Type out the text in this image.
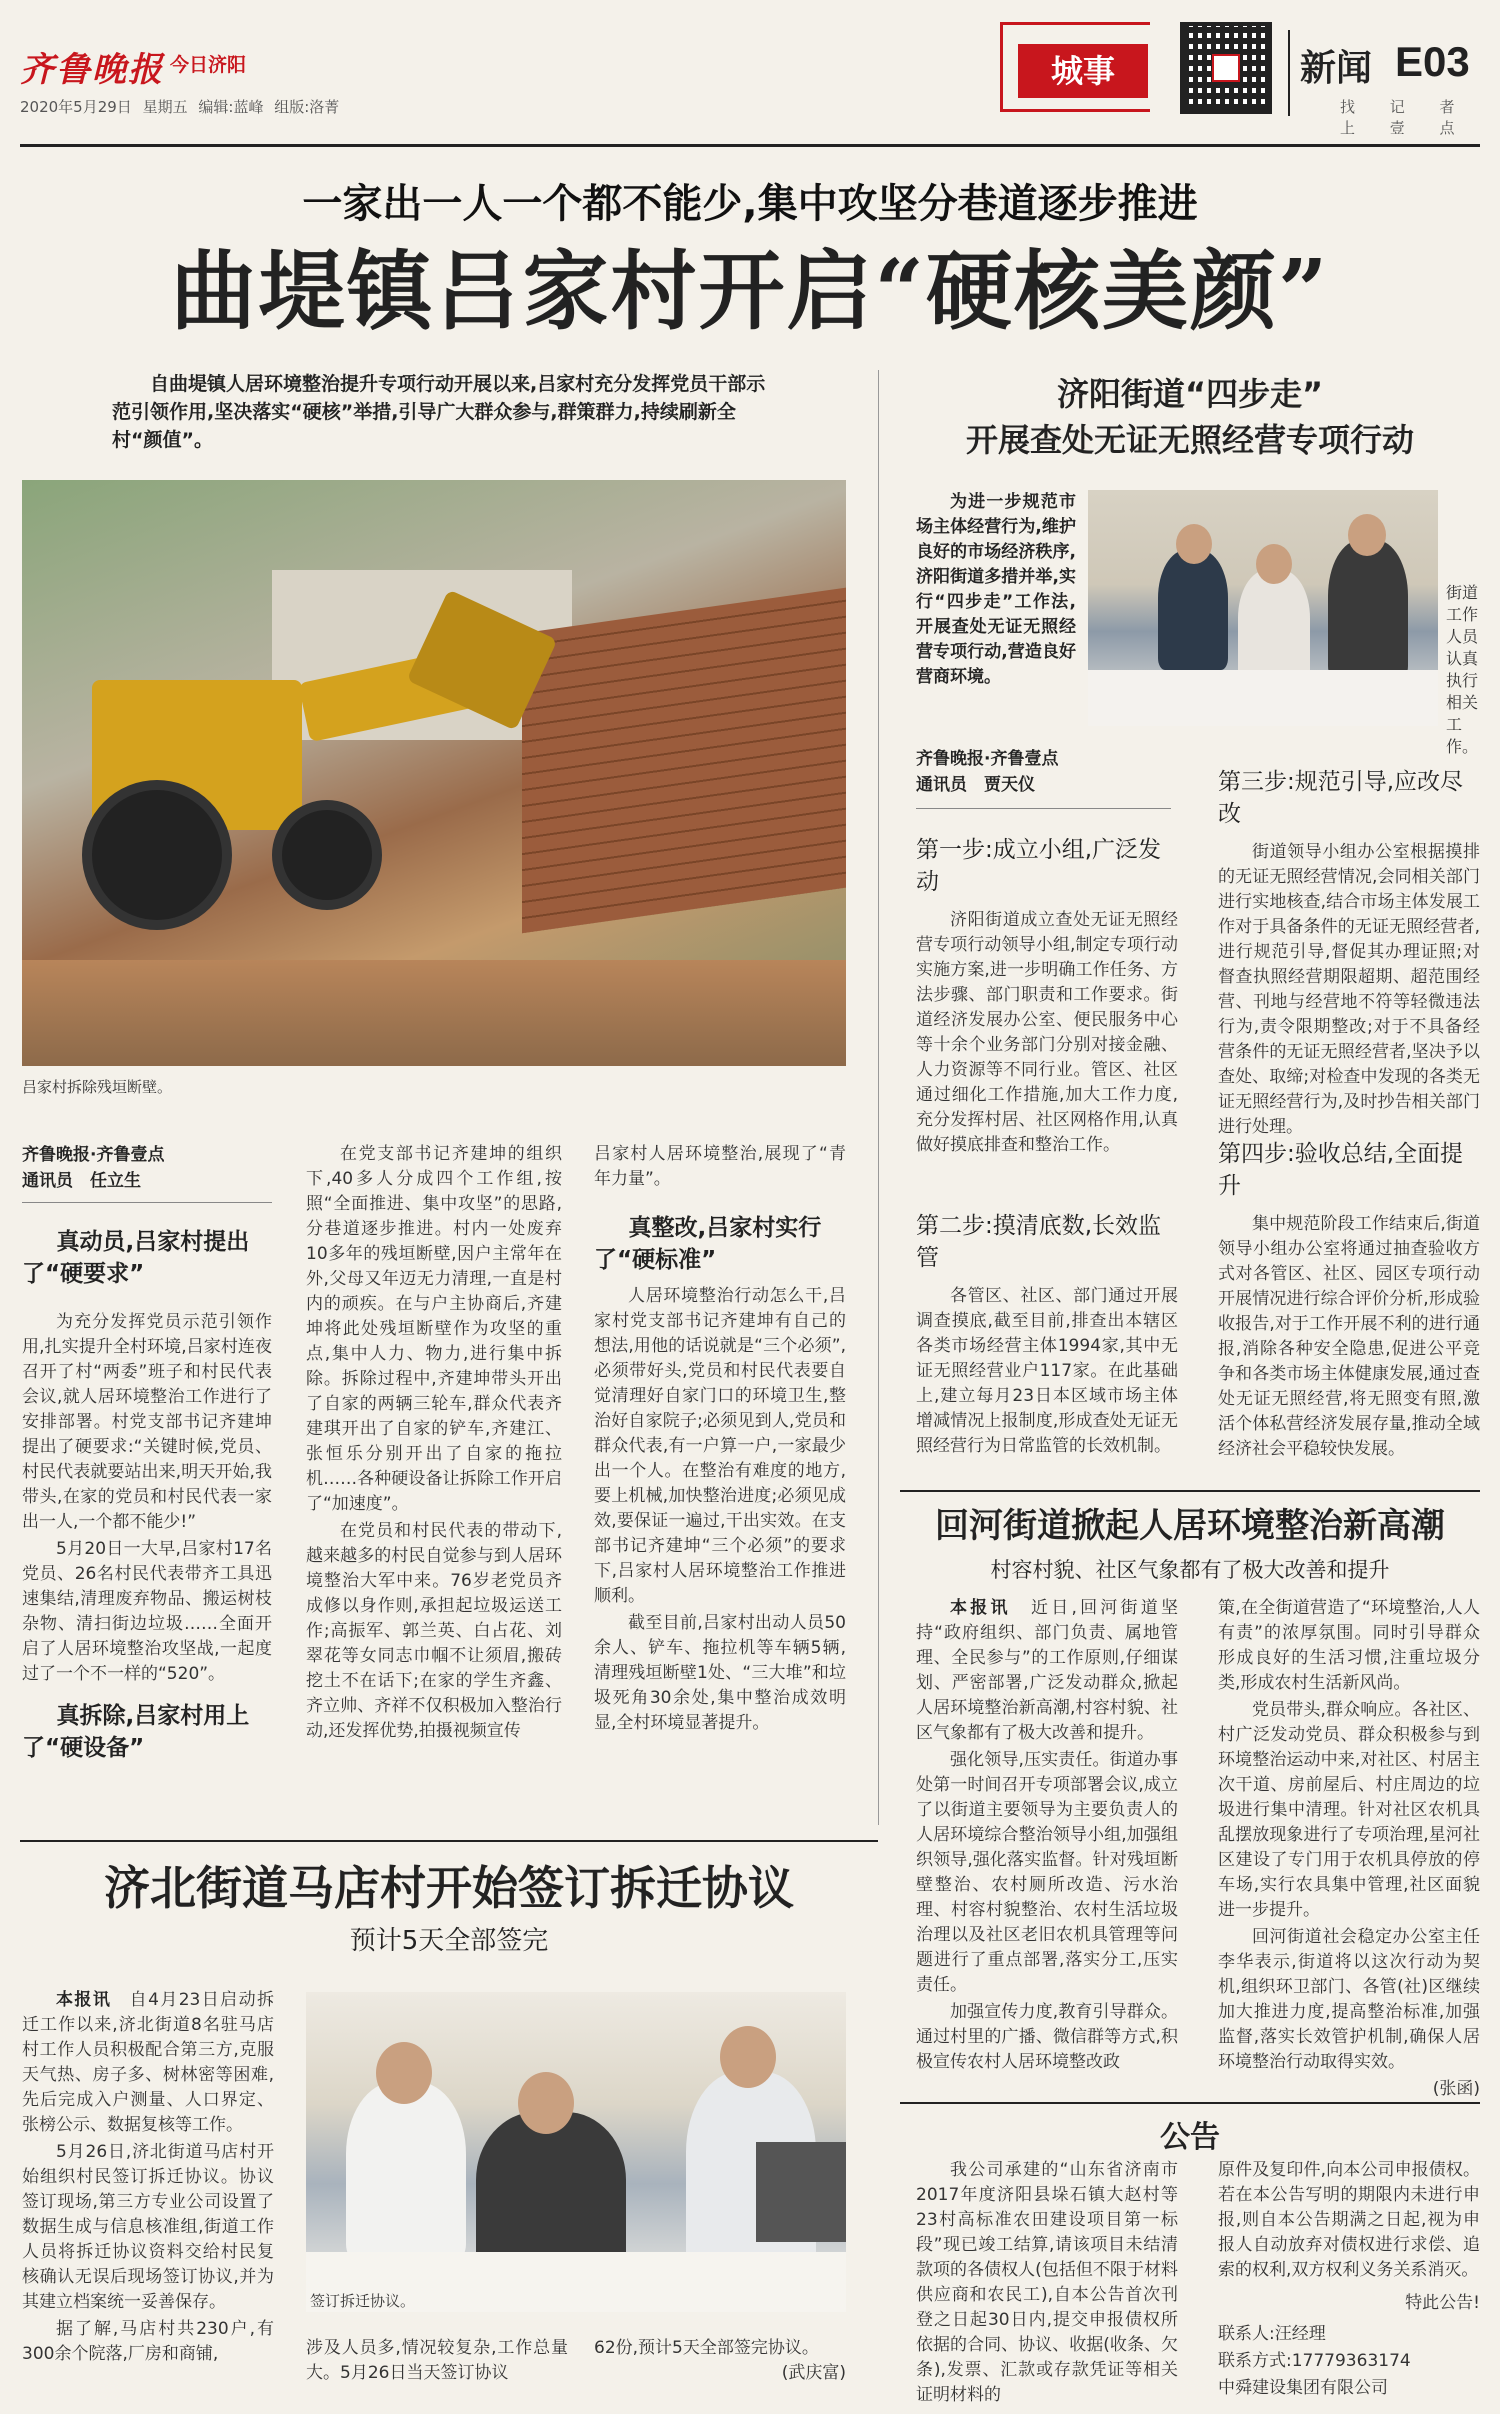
齐鲁晚报 今日济阳
2020年5月29日 星期五 编辑:蓝峰 组版:洛菁
城事	新闻 E03
找 记 者 上 壹 点
一家出一人一个都不能少,集中攻坚分巷道逐步推进
曲堤镇吕家村开启“硬核美颜”
自曲堤镇人居环境整治提升专项行动开展以来,吕家村充分发挥党员干部示范引领作用,坚决落实“硬核”举措,引导广大群众参与,群策群力,持续刷新全村“颜值”。
吕家村拆除残垣断壁。
齐鲁晚报·齐鲁壹点
通讯员　任立生
真动员,吕家村提出了“硬要求”

为充分发挥党员示范引领作用,扎实提升全村环境,吕家村连夜召开了村“两委”班子和村民代表会议,就人居环境整治工作进行了安排部署。村党支部书记齐建坤提出了硬要求:“关键时候,党员、村民代表就要站出来,明天开始,我带头,在家的党员和村民代表一家出一人,一个都不能少!”

5月20日一大早,吕家村17名党员、26名村民代表带齐工具迅速集结,清理废弃物品、搬运树枝杂物、清扫街边垃圾……全面开启了人居环境整治攻坚战,一起度过了一个不一样的“520”。

真拆除,吕家村用上了“硬设备”

在党支部书记齐建坤的组织下,40多人分成四个工作组,按照“全面推进、集中攻坚”的思路,分巷道逐步推进。村内一处废弃10多年的残垣断壁,因户主常年在外,父母又年迈无力清理,一直是村内的顽疾。在与户主协商后,齐建坤将此处残垣断壁作为攻坚的重点,集中人力、物力,进行集中拆除。拆除过程中,齐建坤带头开出了自家的两辆三轮车,群众代表齐建琪开出了自家的铲车,齐建江、张恒乐分别开出了自家的拖拉机……各种硬设备让拆除工作开启了“加速度”。

在党员和村民代表的带动下,越来越多的村民自觉参与到人居环境整治大军中来。76岁老党员齐成修以身作则,承担起垃圾运送工作;高振军、郭兰英、白占花、刘翠花等女同志巾帼不让须眉,搬砖挖土不在话下;在家的学生齐鑫、齐立帅、齐祥不仅积极加入整治行动,还发挥优势,拍摄视频宣传

吕家村人居环境整治,展现了“青年力量”。
真整改,吕家村实行了“硬标准”

人居环境整治行动怎么干,吕家村党支部书记齐建坤有自己的想法,用他的话说就是“三个必须”,必须带好头,党员和村民代表要自觉清理好自家门口的环境卫生,整治好自家院子;必须见到人,党员和群众代表,有一户算一户,一家最少出一个人。在整治有难度的地方,要上机械,加快整治进度;必须见成效,要保证一遍过,干出实效。在支部书记齐建坤“三个必须”的要求下,吕家村人居环境整治工作推进顺利。

截至目前,吕家村出动人员50余人、铲车、拖拉机等车辆5辆,清理残垣断壁1处、“三大堆”和垃圾死角30余处,集中整治成效明显,全村环境显著提升。

济阳街道“四步走”
开展查处无证无照经营专项行动
为进一步规范市场主体经营行为,维护良好的市场经济秩序,济阳街道多措并举,实行“四步走”工作法,开展查处无证无照经营专项行动,营造良好营商环境。
街道工作人员认真执行相关工作。
齐鲁晚报·齐鲁壹点
通讯员　贾天仪
第一步:成立小组,广泛发动
济阳街道成立查处无证无照经营专项行动领导小组,制定专项行动实施方案,进一步明确工作任务、方法步骤、部门职责和工作要求。街道经济发展办公室、便民服务中心等十余个业务部门分别对接金融、人力资源等不同行业。管区、社区通过细化工作措施,加大工作力度,充分发挥村居、社区网格作用,认真做好摸底排查和整治工作。
第二步:摸清底数,长效监管
各管区、社区、部门通过开展调查摸底,截至目前,排查出本辖区各类市场经营主体1994家,其中无证无照经营业户117家。在此基础上,建立每月23日本区域市场主体增减情况上报制度,形成查处无证无照经营行为日常监管的长效机制。
第三步:规范引导,应改尽改
街道领导小组办公室根据摸排的无证无照经营情况,会同相关部门进行实地核查,结合市场主体发展工作对于具备条件的无证无照经营者,进行规范引导,督促其办理证照;对督查执照经营期限超期、超范围经营、刊地与经营地不符等轻微违法行为,责令限期整改;对于不具备经营条件的无证无照经营者,坚决予以查处、取缔;对检查中发现的各类无证无照经营行为,及时抄告相关部门进行处理。
第四步:验收总结,全面提升
集中规范阶段工作结束后,街道领导小组办公室将通过抽查验收方式对各管区、社区、园区专项行动开展情况进行综合评价分析,形成验收报告,对于工作开展不利的进行通报,消除各种安全隐患,促进公平竞争和各类市场主体健康发展,通过查处无证无照经营,将无照变有照,激活个体私营经济发展存量,推动全域经济社会平稳较快发展。
回河街道掀起人居环境整治新高潮
村容村貌、社区气象都有了极大改善和提升

本报讯　 近日,回河街道坚持“政府组织、部门负责、属地管理、全民参与”的工作原则,仔细谋划、严密部署,广泛发动群众,掀起人居环境整治新高潮,村容村貌、社区气象都有了极大改善和提升。

强化领导,压实责任。街道办事处第一时间召开专项部署会议,成立了以街道主要领导为主要负责人的人居环境综合整治领导小组,加强组织领导,强化落实监督。针对残垣断壁整治、农村厕所改造、污水治理、村容村貌整治、农村生活垃圾治理以及社区老旧农机具管理等问题进行了重点部署,落实分工,压实责任。

加强宣传力度,教育引导群众。通过村里的广播、微信群等方式,积极宣传农村人居环境整改政

策,在全街道营造了“环境整治,人人有责”的浓厚氛围。同时引导群众形成良好的生活习惯,注重垃圾分类,形成农村生活新风尚。

党员带头,群众响应。各社区、村广泛发动党员、群众积极参与到环境整治运动中来,对社区、村居主次干道、房前屋后、村庄周边的垃圾进行集中清理。针对社区农机具乱摆放现象进行了专项治理,星河社区建设了专门用于农机具停放的停车场,实行农具集中管理,社区面貌进一步提升。

回河街道社会稳定办公室主任李华表示,街道将以这次行动为契机,组织环卫部门、各管(社)区继续加大推进力度,提高整治标准,加强监督,落实长效管护机制,确保人居环境整治行动取得实效。

(张函)

济北街道马店村开始签订拆迁协议
预计5天全部签完

本报讯　 自4月23日启动拆迁工作以来,济北街道8名驻马店村工作人员积极配合第三方,克服天气热、房子多、树林密等困难,先后完成入户测量、人口界定、张榜公示、数据复核等工作。

5月26日,济北街道马店村开始组织村民签订拆迁协议。协议签订现场,第三方专业公司设置了数据生成与信息核准组,街道工作人员将拆迁协议资料交给村民复核确认无误后现场签订协议,并为其建立档案统一妥善保存。

据了解,马店村共230户,有300余个院落,厂房和商铺,

签订拆迁协议。
涉及人员多,情况较复杂,工作总量大。5月26日当天签订协议
62份,预计5天全部签完协议。
(武庆富)
公告
我公司承建的“山东省济南市2017年度济阳县垛石镇大赵村等23村高标准农田建设项目第一标段”现已竣工结算,请该项目未结清款项的各债权人(包括但不限于材料供应商和农民工),自本公告首次刊登之日起30日内,提交申报债权所依据的合同、协议、收据(收条、欠条),发票、汇款或存款凭证等相关证明材料的

原件及复印件,向本公司申报债权。若在本公告写明的期限内未进行申报,则自本公告期满之日起,视为申报人自动放弃对债权进行求偿、追索的权利,双方权利义务关系消灭。

特此公告!

联系人:汪经理

联系方式:17779363174

中舜建设集团有限公司
